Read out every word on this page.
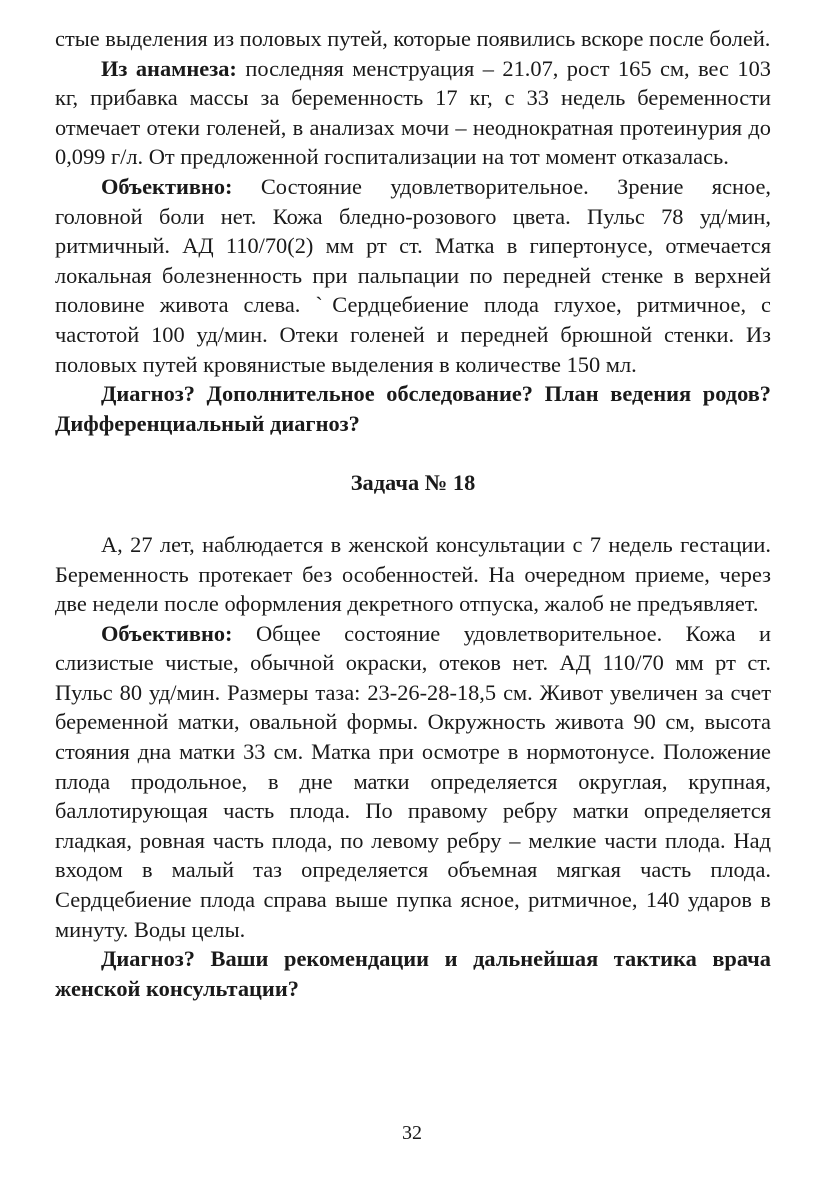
стые выделения из половых путей, которые появились вскоре после болей.

Из анамнеза: последняя менструация – 21.07, рост 165 см, вес 103 кг, прибавка массы за беременность 17 кг, с 33 недель беременности отмечает отеки голеней, в анализах мочи – неоднократная протеинурия до 0,099 г/л. От предложенной госпитализации на тот момент отказалась.

Объективно: Состояние удовлетворительное. Зрение ясное, головной боли нет. Кожа бледно-розового цвета. Пульс 78 уд/мин, ритмичный. АД 110/70(2) мм рт ст. Матка в гипертонусе, отмечается локальная болезненность при пальпации по передней стенке в верхней половине живота слева. ˋСердцебиение плода глухое, ритмичное, с частотой 100 уд/мин. Отеки голеней и передней брюшной стенки. Из половых путей кровянистые выделения в количестве 150 мл.

Диагноз? Дополнительное обследование? План ведения родов? Дифференциальный диагноз?

Задача № 18

А, 27 лет, наблюдается в женской консультации с 7 недель гестации. Беременность протекает без особенностей. На очередном приеме, через две недели после оформления декретного отпуска, жалоб не предъявляет.

Объективно: Общее состояние удовлетворительное. Кожа и слизистые чистые, обычной окраски, отеков нет. АД 110/70 мм рт ст. Пульс 80 уд/мин. Размеры таза: 23-26-28-18,5 см. Живот увеличен за счет беременной матки, овальной формы. Окружность живота 90 см, высота стояния дна матки 33 см. Матка при осмотре в нормотонусе. Положение плода продольное, в дне матки определяется округлая, крупная, баллотирующая часть плода. По правому ребру матки определяется гладкая, ровная часть плода, по левому ребру – мелкие части плода. Над входом в малый таз определяется объемная мягкая часть плода. Сердцебиение плода справа выше пупка ясное, ритмичное, 140 ударов в минуту. Воды целы.

Диагноз? Ваши рекомендации и дальнейшая тактика врача женской консультации?

32
